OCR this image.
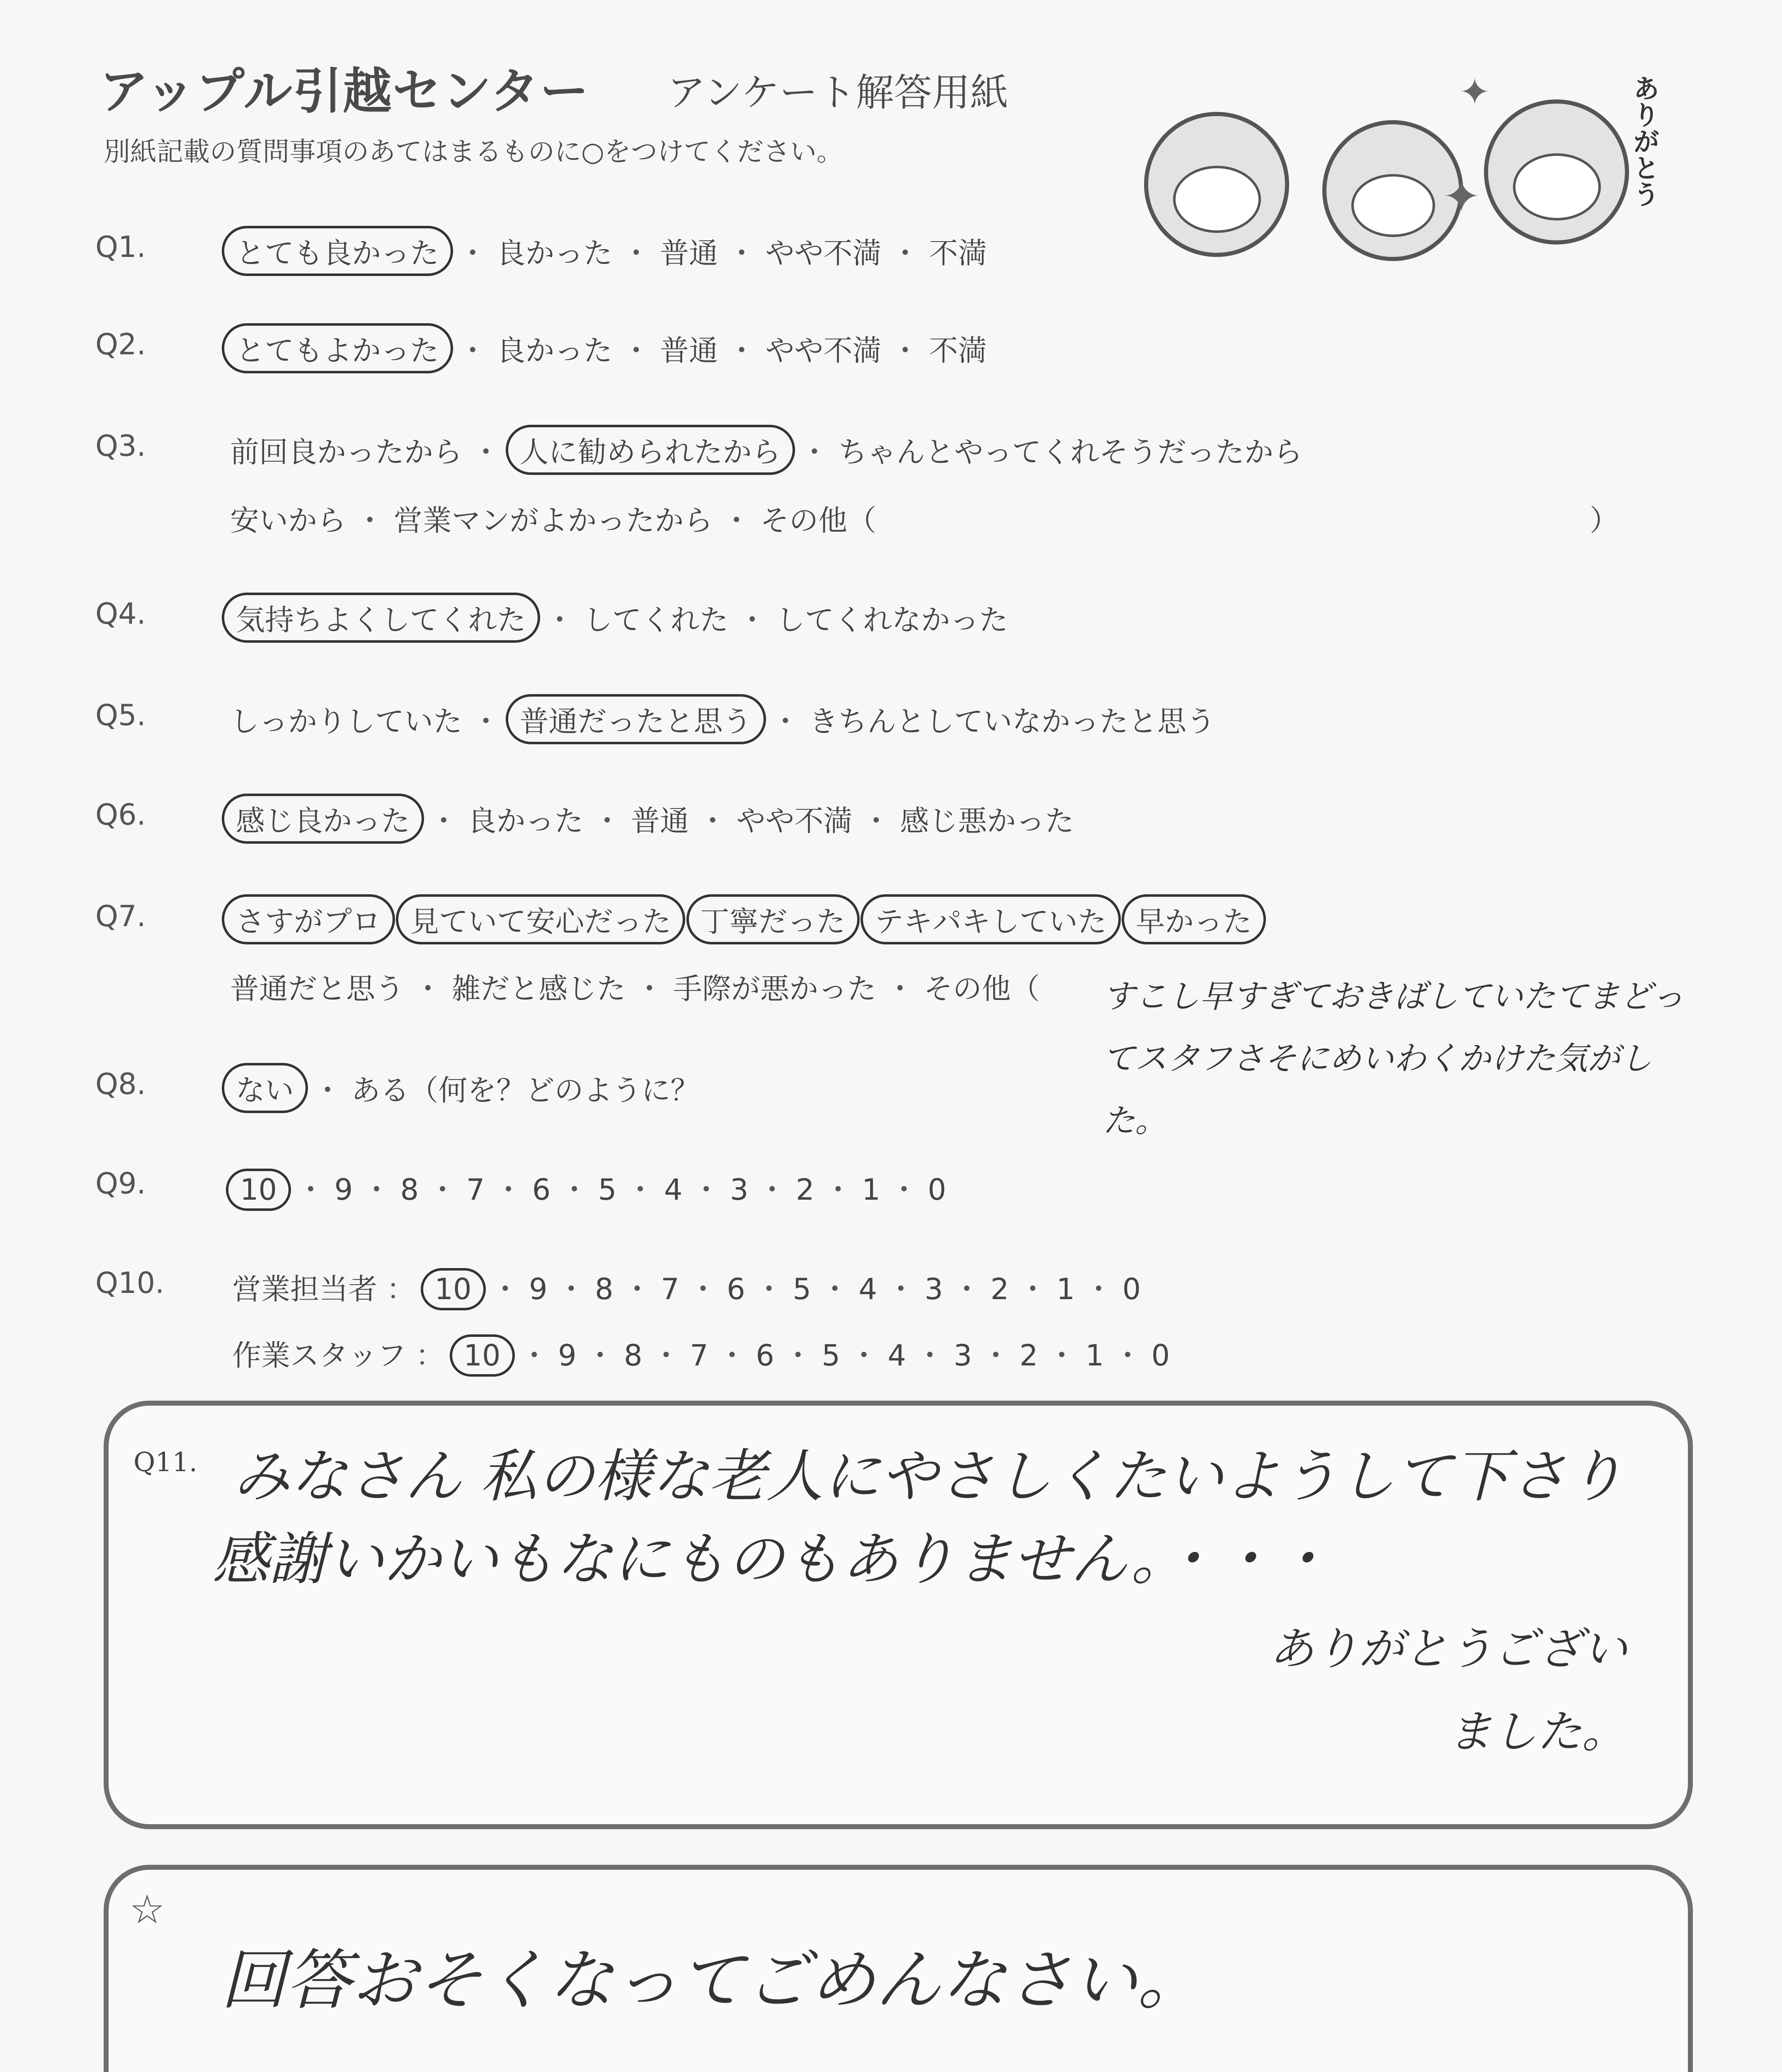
アップル引越センター アンケート解答用紙
別紙記載の質問事項のあてはまるものに○をつけてください。	ありがとう
✦
✦
Q1.	とても良かった ・ 良かった ・ 普通 ・ やや不満 ・ 不満
Q2.	とてもよかった ・ 良かった ・ 普通 ・ やや不満 ・ 不満
Q3.	前回良かったから ・ 人に勧められたから ・ ちゃんとやってくれそうだったから
安いから ・ 営業マンがよかったから ・ その他（	）
Q4.	気持ちよくしてくれた ・ してくれた ・ してくれなかった
Q5.	しっかりしていた ・ 普通だったと思う ・ きちんとしていなかったと思う
Q6.	感じ良かった ・ 良かった ・ 普通 ・ やや不満 ・ 感じ悪かった
Q7.	さすがプロ 見ていて安心だった 丁寧だった テキパキしていた 早かった
普通だと思う ・ 雑だと感じた ・ 手際が悪かった ・ その他（ すこし早すぎておきばしていたてまどってスタフさそにめいわくかけた気がした。
Q8.	ない ・ ある（何を？どのように？
Q9.	10 ・ 9 ・ 8 ・ 7 ・ 6 ・ 5 ・ 4 ・ 3 ・ 2 ・ 1 ・ 0
Q10. 営業担当者 ： 10 ・ 9 ・ 8 ・ 7 ・ 6 ・ 5 ・ 4 ・ 3 ・ 2 ・ 1 ・ 0
作業スタッフ ： 10 ・ 9 ・ 8 ・ 7 ・ 6 ・ 5 ・ 4 ・ 3 ・ 2 ・ 1 ・ 0
Q11. みなさん 私の様な老人にやさしくたいようして下さり
感謝いかいもなにものもありません。・・・
ありがとうござい
ました。
☆
回答おそくなってごめんなさい。
